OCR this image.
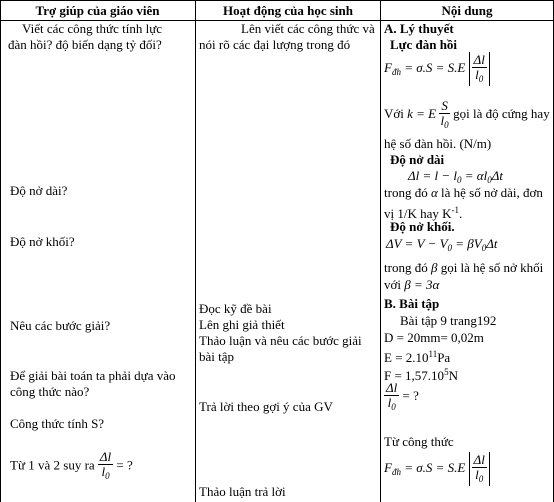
Trợ giúp của giáo viên	Hoạt động của học sinh	Nội dung
Viết các công thức tính lực
đàn hồi? độ biến dạng tỷ đối?
Độ nở dài?
Độ nở khối?
Nêu các bước giải?
Để giải bài toán ta phải dựa vào
công thức nào?
Công thức tính S?
Từ 1 và 2 suy ra $\frac{\Delta l}{l_0}$ = ?
Lên viết các công thức và
nói rõ các đại lượng trong đó
Đọc kỹ đề bài
Lên ghi giả thiết
Thảo luận và nêu các bước giải
bài tập
Trả lời theo gợi ý của GV
Thảo luận trả lời
A. Lý thuyết
Lực đàn hồi
$F_{đh} = \sigma.S = S.E \frac{\Delta l}{l_0}$
Với k = E $\frac{S}{l_0}$ gọi là độ cứng hay
hệ số đàn hồi. (N/m)
Độ nở dài
$\Delta l = l - l_0 = \alpha l_0\Delta t$
trong đó α là hệ số nở dài, đơn
vị 1/K hay $K^{-1}$.
Độ nở khối.
$\Delta V = V - V_0 = \beta V_0\Delta t$
trong đó β gọi là hệ số nở khối
với β = 3α
B. Bài tập
Bài tập 9 trang192
D = 20mm= 0,02m
$E = 2.10^{11}Pa$
$F = 1,57.10^5N$
$\frac{\Delta l}{l_0}$ = ?
Từ công thức
$F_{đh} = \sigma.S = S.E \frac{\Delta l}{l_0}$
